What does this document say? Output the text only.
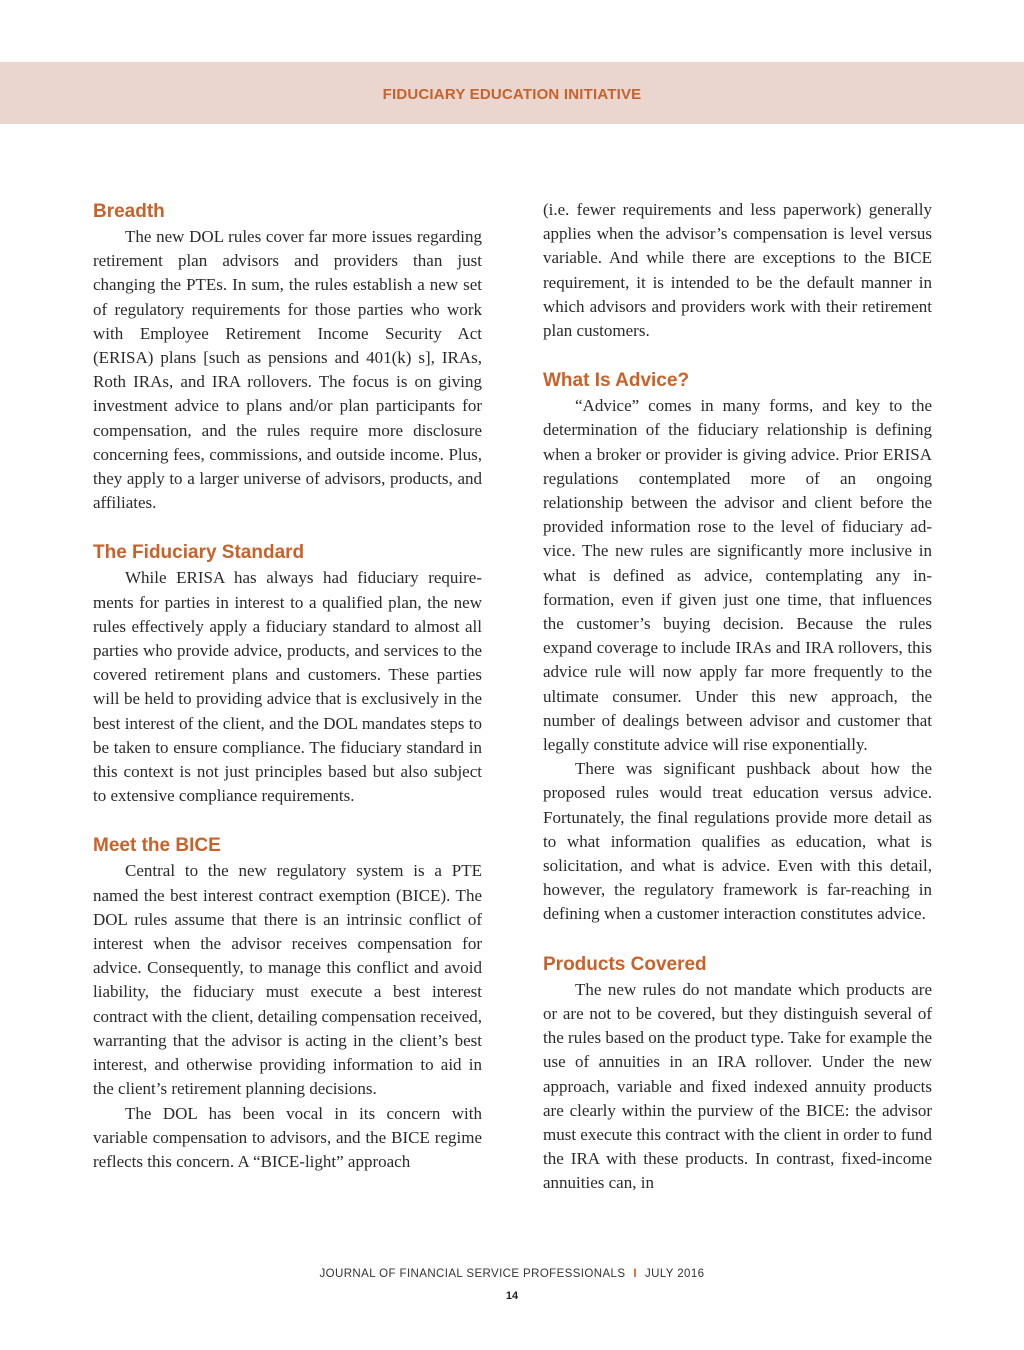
FIDUCIARY EDUCATION INITIATIVE
Breadth

The new DOL rules cover far more issues regarding retirement plan advisors and providers than just changing the PTEs. In sum, the rules establish a new set of regulatory requirements for those parties who work with Employee Retirement Income Security Act (ERISA) plans [such as pensions and 401(k) s], IRAs, Roth IRAs, and IRA rollovers. The focus is on giving investment advice to plans and/or plan participants for compensation, and the rules require more disclosure concerning fees, commissions, and outside income. Plus, they apply to a larger universe of advisors, products, and affiliates.

The Fiduciary Standard

While ERISA has always had fiduciary requirements for parties in interest to a qualified plan, the new rules effectively apply a fiduciary standard to almost all parties who provide advice, products, and services to the covered retirement plans and customers. These parties will be held to providing advice that is exclusively in the best interest of the client, and the DOL mandates steps to be taken to ensure compliance. The fiduciary standard in this context is not just principles based but also subject to extensive compliance requirements.

Meet the BICE

Central to the new regulatory system is a PTE named the best interest contract exemption (BICE). The DOL rules assume that there is an intrinsic conflict of interest when the advisor receives compensation for advice. Consequently, to manage this conflict and avoid liability, the fiduciary must execute a best interest contract with the client, detailing compensation received, warranting that the advisor is acting in the client’s best interest, and otherwise providing information to aid in the client’s retirement planning decisions.

The DOL has been vocal in its concern with variable compensation to advisors, and the BICE regime reflects this concern. A “BICE-light” approach

(i.e. fewer requirements and less paperwork) generally applies when the advisor’s compensation is level versus variable. And while there are exceptions to the BICE requirement, it is intended to be the default manner in which advisors and providers work with their retirement plan customers.

What Is Advice?

“Advice” comes in many forms, and key to the determination of the fiduciary relationship is defining when a broker or provider is giving advice. Prior ERISA regulations contemplated more of an ongoing relationship between the advisor and client before the provided information rose to the level of fiduciary advice. The new rules are significantly more inclusive in what is defined as advice, contemplating any information, even if given just one time, that influences the customer’s buying decision. Because the rules expand coverage to include IRAs and IRA rollovers, this advice rule will now apply far more frequently to the ultimate consumer. Under this new approach, the number of dealings between advisor and customer that legally constitute advice will rise exponentially.

There was significant pushback about how the proposed rules would treat education versus advice. Fortunately, the final regulations provide more detail as to what information qualifies as education, what is solicitation, and what is advice. Even with this detail, however, the regulatory framework is far-reaching in defining when a customer interaction constitutes advice.

Products Covered

The new rules do not mandate which products are or are not to be covered, but they distinguish several of the rules based on the product type. Take for example the use of annuities in an IRA rollover. Under the new approach, variable and fixed indexed annuity products are clearly within the purview of the BICE: the advisor must execute this contract with the client in order to fund the IRA with these products. In contrast, fixed-income annuities can, in

JOURNAL OF FINANCIAL SERVICE PROFESSIONALS I JULY 2016
14
